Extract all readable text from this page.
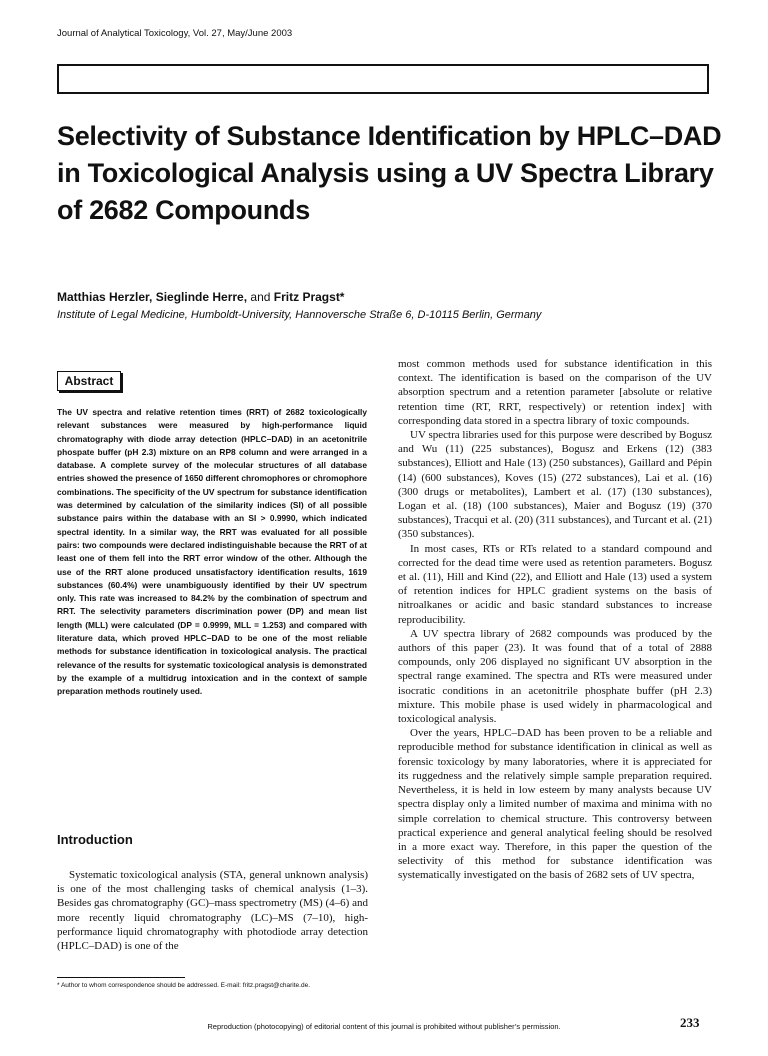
Journal of Analytical Toxicology, Vol. 27, May/June 2003
Selectivity of Substance Identification by HPLC–DAD in Toxicological Analysis using a UV Spectra Library of 2682 Compounds
Matthias Herzler, Sieglinde Herre, and Fritz Pragst*
Institute of Legal Medicine, Humboldt-University, Hannoversche Straße 6, D-10115 Berlin, Germany
Abstract

The UV spectra and relative retention times (RRT) of 2682 toxicologically relevant substances were measured by high-performance liquid chromatography with diode array detection (HPLC–DAD) in an acetonitrile phospate buffer (pH 2.3) mixture on an RP8 column and were arranged in a database. A complete survey of the molecular structures of all database entries showed the presence of 1650 different chromophores or chromophore combinations. The specificity of the UV spectrum for substance identification was determined by calculation of the similarity indices (SI) of all possible substance pairs within the database with an SI > 0.9990, which indicated spectral identity. In a similar way, the RRT was evaluated for all possible pairs: two compounds were declared indistinguishable because the RRT of at least one of them fell into the RRT error window of the other. Although the use of the RRT alone produced unsatisfactory identification results, 1619 substances (60.4%) were unambiguously identified by their UV spectrum only. This rate was increased to 84.2% by the combination of spectrum and RRT. The selectivity parameters discrimination power (DP) and mean list length (MLL) were calculated (DP = 0.9999, MLL = 1.253) and compared with literature data, which proved HPLC–DAD to be one of the most reliable methods for substance identification in toxicological analysis. The practical relevance of the results for systematic toxicological analysis is demonstrated by the example of a multidrug intoxication and in the context of sample preparation methods routinely used.

Introduction

Systematic toxicological analysis (STA, general unknown analysis) is one of the most challenging tasks of chemical analysis (1–3). Besides gas chromatography (GC)–mass spectrometry (MS) (4–6) and more recently liquid chromatography (LC)–MS (7–10), high-performance liquid chromatography with photodiode array detection (HPLC–DAD) is one of the

* Author to whom correspondence should be addressed. E-mail: fritz.pragst@charite.de.

most common methods used for substance identification in this context. The identification is based on the comparison of the UV absorption spectrum and a retention parameter [absolute or relative retention time (RT, RRT, respectively) or retention index] with corresponding data stored in a spectra library of toxic compounds.

UV spectra libraries used for this purpose were described by Bogusz and Wu (11) (225 substances), Bogusz and Erkens (12) (383 substances), Elliott and Hale (13) (250 substances), Gaillard and Pépin (14) (600 substances), Koves (15) (272 substances), Lai et al. (16) (300 drugs or metabolites), Lambert et al. (17) (130 substances), Logan et al. (18) (100 substances), Maier and Bogusz (19) (370 substances), Tracqui et al. (20) (311 substances), and Turcant et al. (21) (350 substances).

In most cases, RTs or RTs related to a standard compound and corrected for the dead time were used as retention parameters. Bogusz et al. (11), Hill and Kind (22), and Elliott and Hale (13) used a system of retention indices for HPLC gradient systems on the basis of nitroalkanes or acidic and basic standard substances to increase reproducibility.

A UV spectra library of 2682 compounds was produced by the authors of this paper (23). It was found that of a total of 2888 compounds, only 206 displayed no significant UV absorption in the spectral range examined. The spectra and RTs were measured under isocratic conditions in an acetonitrile phosphate buffer (pH 2.3) mixture. This mobile phase is used widely in pharmacological and toxicological analysis.

Over the years, HPLC–DAD has been proven to be a reliable and reproducible method for substance identification in clinical as well as forensic toxicology by many laboratories, where it is appreciated for its ruggedness and the relatively simple sample preparation required. Nevertheless, it is held in low esteem by many analysts because UV spectra display only a limited number of maxima and minima with no simple correlation to chemical structure. This controversy between practical experience and general analytical feeling should be resolved in a more exact way. Therefore, in this paper the question of the selectivity of this method for substance identification was systematically investigated on the basis of 2682 sets of UV spectra,

Reproduction (photocopying) of editorial content of this journal is prohibited without publisher’s permission.	233
